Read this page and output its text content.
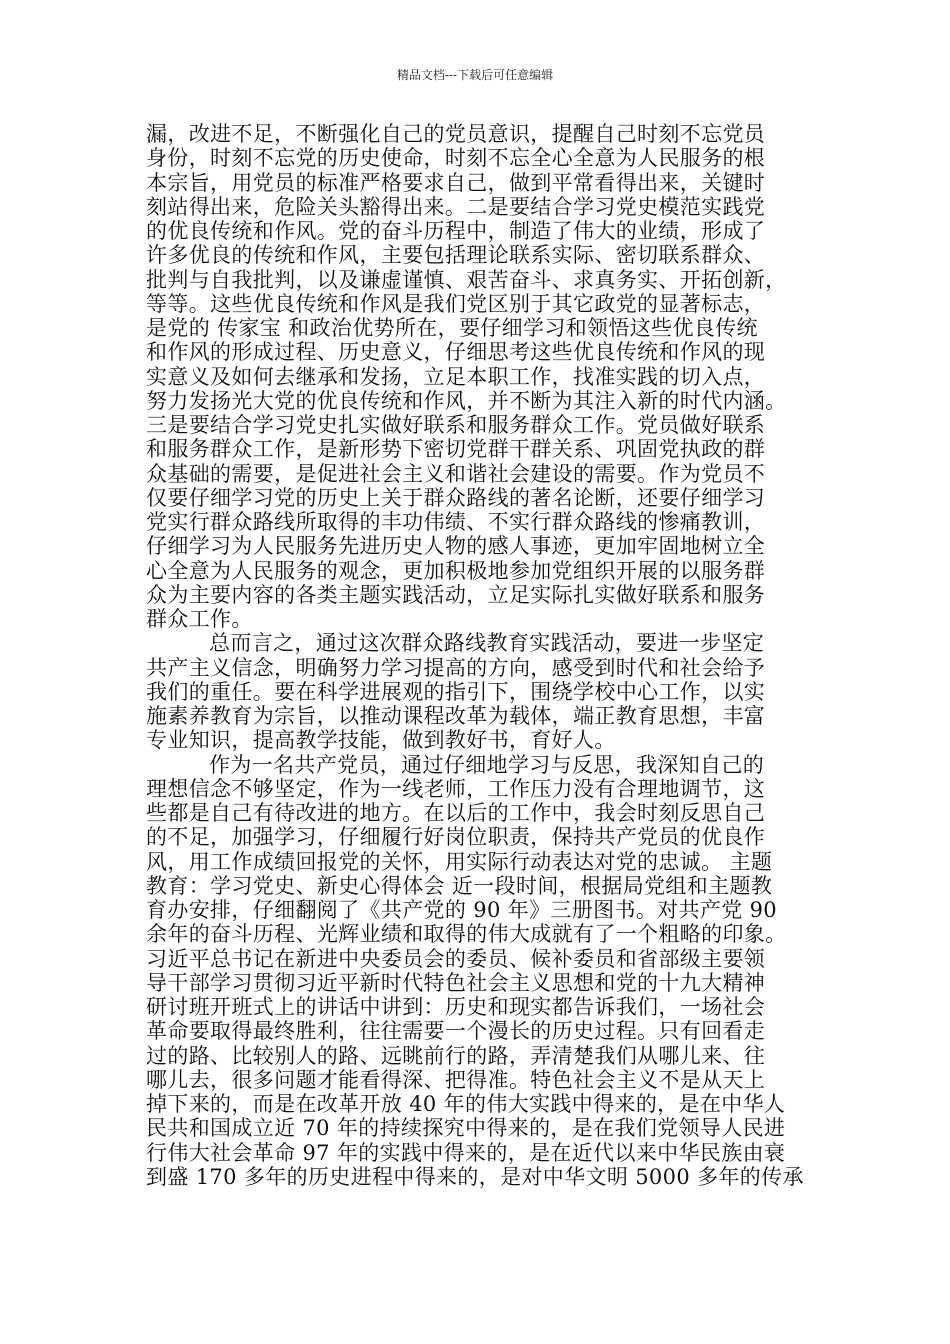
精品文档---下载后可任意编辑
漏，改进不足，不断强化自己的党员意识，提醒自己时刻不忘党员
身份，时刻不忘党的历史使命，时刻不忘全心全意为人民服务的根
本宗旨，用党员的标准严格要求自己，做到平常看得出来，关键时
刻站得出来，危险关头豁得出来。二是要结合学习党史模范实践党
的优良传统和作风。党的奋斗历程中，制造了伟大的业绩，形成了
许多优良的传统和作风，主要包括理论联系实际、密切联系群众、
批判与自我批判，以及谦虚谨慎、艰苦奋斗、求真务实、开拓创新，
等等。这些优良传统和作风是我们党区别于其它政党的显著标志，
是党的 传家宝 和政治优势所在，要仔细学习和领悟这些优良传统
和作风的形成过程、历史意义，仔细思考这些优良传统和作风的现
实意义及如何去继承和发扬，立足本职工作，找准实践的切入点，
努力发扬光大党的优良传统和作风，并不断为其注入新的时代内涵。
三是要结合学习党史扎实做好联系和服务群众工作。党员做好联系
和服务群众工作，是新形势下密切党群干群关系、巩固党执政的群
众基础的需要，是促进社会主义和谐社会建设的需要。作为党员不
仅要仔细学习党的历史上关于群众路线的著名论断，还要仔细学习
党实行群众路线所取得的丰功伟绩、不实行群众路线的惨痛教训，
仔细学习为人民服务先进历史人物的感人事迹，更加牢固地树立全
心全意为人民服务的观念，更加积极地参加党组织开展的以服务群
众为主要内容的各类主题实践活动，立足实际扎实做好联系和服务
群众工作。
总而言之，通过这次群众路线教育实践活动，要进一步坚定
共产主义信念，明确努力学习提高的方向，感受到时代和社会给予
我们的重任。要在科学进展观的指引下，围绕学校中心工作，以实
施素养教育为宗旨，以推动课程改革为载体，端正教育思想，丰富
专业知识，提高教学技能，做到教好书，育好人。
作为一名共产党员，通过仔细地学习与反思，我深知自己的
理想信念不够坚定，作为一线老师，工作压力没有合理地调节，这
些都是自己有待改进的地方。在以后的工作中，我会时刻反思自己
的不足，加强学习，仔细履行好岗位职责，保持共产党员的优良作
风，用工作成绩回报党的关怀，用实际行动表达对党的忠诚。 主题
教育：学习党史、新史心得体会 近一段时间，根据局党组和主题教
育办安排，仔细翻阅了《共产党的 90 年》三册图书。对共产党 90
余年的奋斗历程、光辉业绩和取得的伟大成就有了一个粗略的印象。
习近平总书记在新进中央委员会的委员、候补委员和省部级主要领
导干部学习贯彻习近平新时代特色社会主义思想和党的十九大精神
研讨班开班式上的讲话中讲到：历史和现实都告诉我们，一场社会
革命要取得最终胜利，往往需要一个漫长的历史过程。只有回看走
过的路、比较别人的路、远眺前行的路，弄清楚我们从哪儿来、往
哪儿去，很多问题才能看得深、把得准。特色社会主义不是从天上
掉下来的，而是在改革开放 40 年的伟大实践中得来的，是在中华人
民共和国成立近 70 年的持续探究中得来的，是在我们党领导人民进
行伟大社会革命 97 年的实践中得来的，是在近代以来中华民族由衰
到盛 170 多年的历史进程中得来的，是对中华文明 5000 多年的传承
